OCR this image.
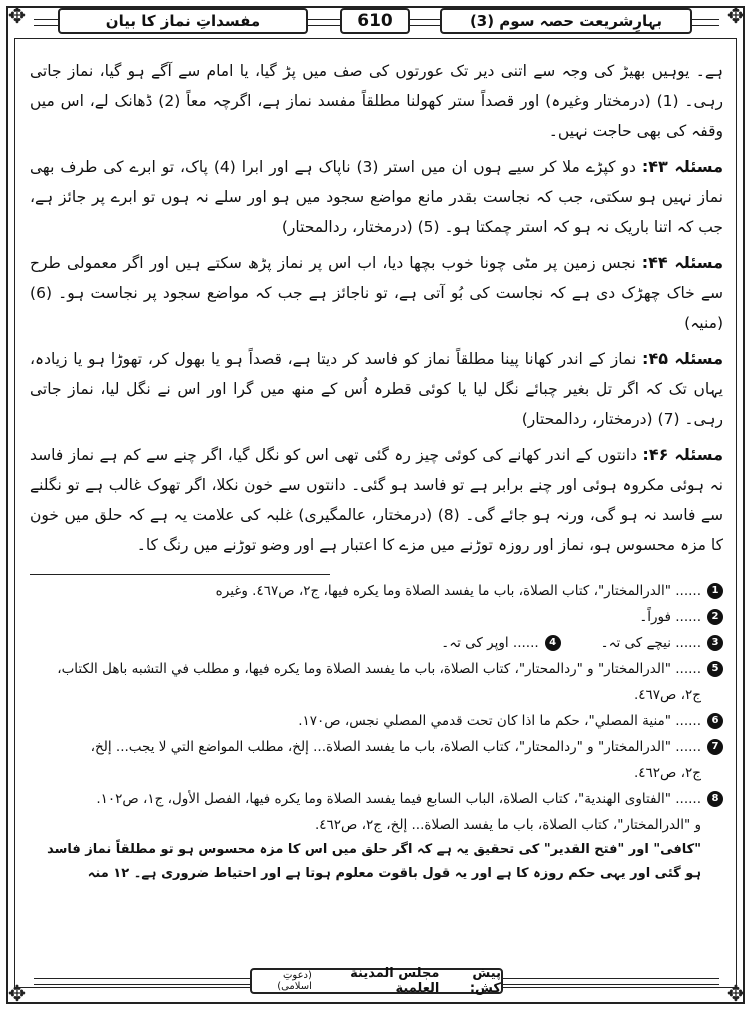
✥	✥
✥	✥
مفسداتِ نماز کا بیان	610	بہارِشریعت حصہ سوم (3)

ہے۔ یوہیں بھیڑ کی وجہ سے اتنی دیر تک عورتوں کی صف میں پڑ گیا، یا امام سے آگے ہو گیا، نماز جاتی رہی۔ (1) (درمختار وغیرہ) اور قصداً ستر کھولنا مطلقاً مفسد نماز ہے، اگرچہ معاً (2) ڈھانک لے، اس میں وقفہ کی بھی حاجت نہیں۔

مسئلہ ۴۳: دو کپڑے ملا کر سیے ہوں ان میں استر (3) ناپاک ہے اور ابرا (4) پاک، تو ابرے کی طرف بھی نماز نہیں ہو سکتی، جب کہ نجاست بقدر مانع مواضع سجود میں ہو اور سلے نہ ہوں تو ابرے پر جائز ہے، جب کہ اتنا باریک نہ ہو کہ استر چمکتا ہو۔ (5) (درمختار، ردالمحتار)

مسئلہ ۴۴: نجس زمین پر مٹی چونا خوب بچھا دیا، اب اس پر نماز پڑھ سکتے ہیں اور اگر معمولی طرح سے خاک چھڑک دی ہے کہ نجاست کی بُو آتی ہے، تو ناجائز ہے جب کہ مواضع سجود پر نجاست ہو۔ (6) (منیہ)

مسئلہ ۴۵: نماز کے اندر کھانا پینا مطلقاً نماز کو فاسد کر دیتا ہے، قصداً ہو یا بھول کر، تھوڑا ہو یا زیادہ، یہاں تک کہ اگر تل بغیر چبائے نگل لیا یا کوئی قطرہ اُس کے منھ میں گرا اور اس نے نگل لیا، نماز جاتی رہی۔ (7) (درمختار، ردالمحتار)

مسئلہ ۴۶: دانتوں کے اندر کھانے کی کوئی چیز رہ گئی تھی اس کو نگل گیا، اگر چنے سے کم ہے نماز فاسد نہ ہوئی مکروہ ہوئی اور چنے برابر ہے تو فاسد ہو گئی۔ دانتوں سے خون نکلا، اگر تھوک غالب ہے تو نگلنے سے فاسد نہ ہو گی، ورنہ ہو جائے گی۔ (8) (درمختار، عالمگیری) غلبہ کی علامت یہ ہے کہ حلق میں خون کا مزہ محسوس ہو، نماز اور روزہ توڑنے میں مزے کا اعتبار ہے اور وضو توڑنے میں رنگ کا۔

1
...... "الدرالمختار"، كتاب الصلاة، باب ما يفسد الصلاة وما يكره فيها، ج٢، ص٤٦٧. وغيره
2
...... فوراً۔
3
...... نیچے کی تہ۔
4
...... اوپر کی تہ۔
5
...... "الدرالمختار" و "ردالمحتار"، كتاب الصلاة، باب ما يفسد الصلاة وما يكره فيها، و مطلب في التشبه باهل الكتاب،
ج٢، ص٤٦٧.
6
...... "منية المصلي"، حكم ما اذا كان تحت قدمي المصلي نجس، ص١٧٠.
7
...... "الدرالمختار" و "ردالمحتار"، كتاب الصلاة، باب ما يفسد الصلاة... إلخ، مطلب المواضع التي لا يجب... إلخ،
ج٢، ص٤٦٢.
8
...... "الفتاوى الهندية"، كتاب الصلاة، الباب السابع فيما يفسد الصلاة وما يكره فيها، الفصل الأول، ج١، ص١٠٢.
و "الدرالمختار"، كتاب الصلاة، باب ما يفسد الصلاة... إلخ، ج٢، ص٤٦٢.
"کافی" اور "فتح القدیر" کی تحقیق یہ ہے کہ اگر حلق میں اس کا مزہ محسوس ہو تو مطلقاً نماز فاسد ہو گئی اور یہی حکم روزہ کا ہے اور یہ قول باقوت معلوم ہوتا ہے اور احتیاط ضروری ہے۔ ۱۲ منہ
پیش کش:
مجلس المدينة العلمية
(دعوتِ اسلامی)
